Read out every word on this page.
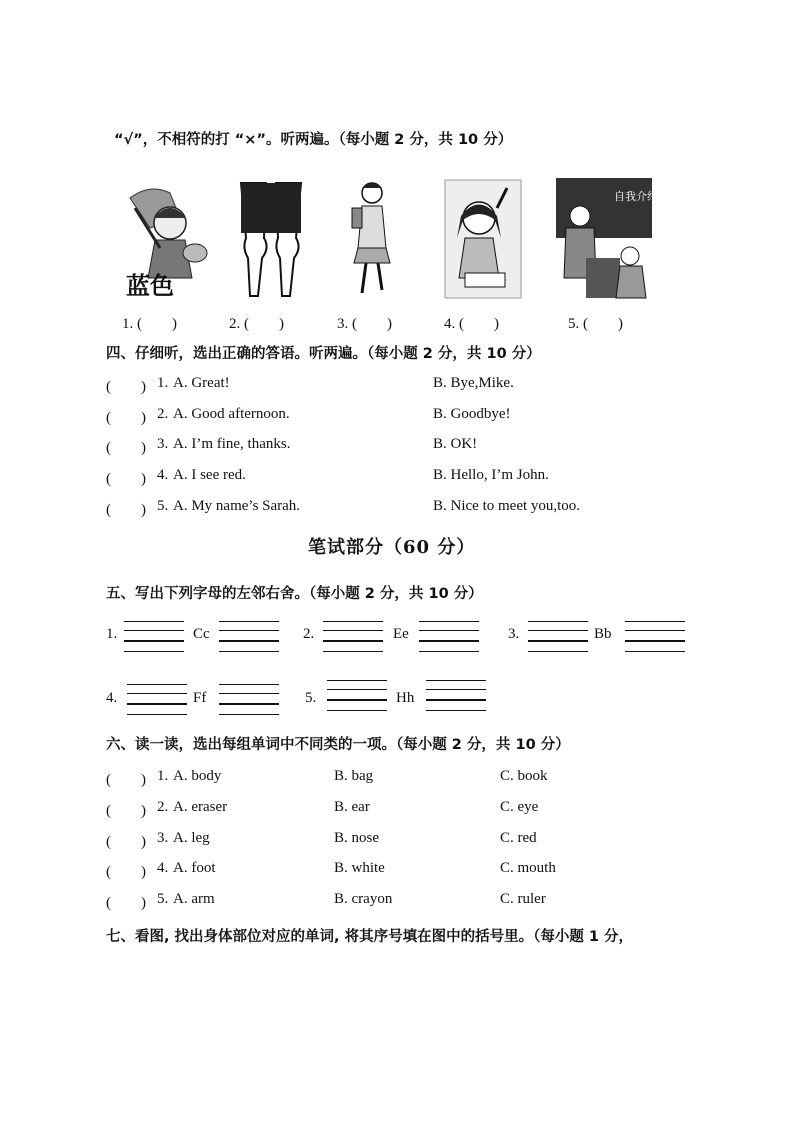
“√”，不相符的打 “×”。听两遍。（每小题 2 分，共 10 分）
蓝色
自我介绍
1. (　　)	2. (　　)	3. (　　)	4. (　　)	5. (　　)
四、仔细听，选出正确的答语。听两遍。（每小题 2 分，共 10 分）
(　　) 1. A. Great!	B. Bye,Mike.
(　　) 2. A. Good afternoon.	B. Goodbye!
(　　) 3. A. I’m fine, thanks.	B. OK!
(　　) 4. A. I see red.	B. Hello, I’m John.
(　　) 5. A. My name’s Sarah.	B. Nice to meet you,too.
笔试部分（60 分）
五、写出下列字母的左邻右舍。（每小题 2 分，共 10 分）
1.	Cc	2.	Ee	3.	Bb
4.	Ff	5.	Hh
六、读一读，选出每组单词中不同类的一项。（每小题 2 分，共 10 分）
(　　) 1. A. body	B. bag	C. book
(　　) 2. A. eraser	B. ear	C. eye
(　　) 3. A. leg	B. nose	C. red
(　　) 4. A. foot	B. white	C. mouth
(　　) 5. A. arm	B. crayon	C. ruler
七、看图, 找出身体部位对应的单词, 将其序号填在图中的括号里。（每小题 1 分，
